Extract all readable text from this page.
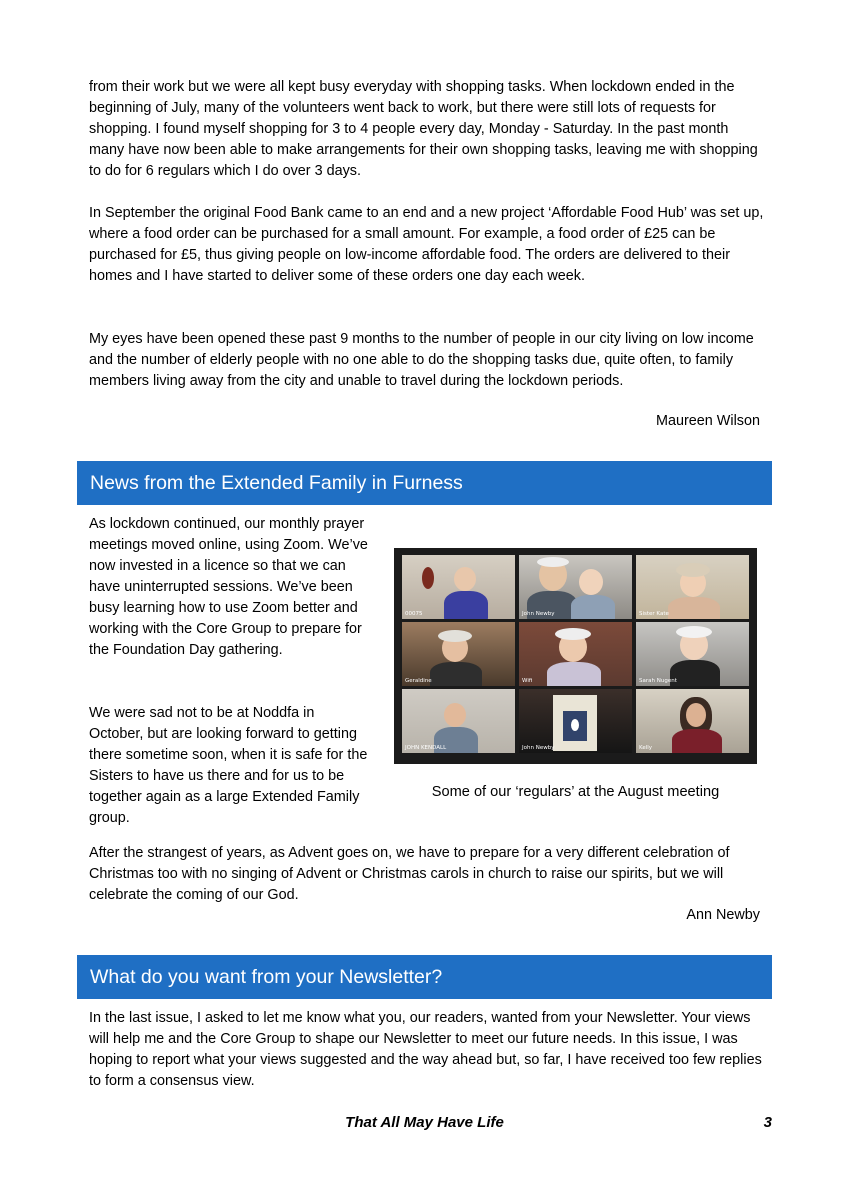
from their work but we were all kept busy everyday with shopping tasks. When lockdown ended in the beginning of July, many of the volunteers went back to work, but there were still lots of requests for shopping. I found myself shopping for 3 to 4 people every day, Monday - Saturday. In the past month many have now been able to make arrangements for their own shopping tasks, leaving me with shopping to do for 6 regulars which I do over 3 days.

In September the original Food Bank came to an end and a new project ‘Affordable Food Hub’ was set up, where a food order can be purchased for a small amount. For example, a food order of £25 can be purchased for £5, thus giving people on low-income affordable food. The orders are delivered to their homes and I have started to deliver some of these orders one day each week.

My eyes have been opened these past 9 months to the number of people in our city living on low income and the number of elderly people with no one able to do the shopping tasks due, quite often, to family members living away from the city and unable to travel during the lockdown periods.

Maureen Wilson
News from the Extended Family in Furness

As lockdown continued, our monthly prayer meetings moved online, using Zoom. We’ve now invested in a licence so that we can have uninterrupted sessions. We’ve been busy learning how to use Zoom better and working with the Core Group to prepare for the Foundation Day gathering.

We were sad not to be at Noddfa in October, but are looking forward to getting there sometime soon, when it is safe for the Sisters to have us there and for us to be together again as a large Extended Family group.

00075	John Newby	Sister Kate
Geraldine	Wifi	Sarah Nugent
JOHN KENDALL	John Newby	Kelly
Some of our ‘regulars’ at the August meeting

After the strangest of years, as Advent goes on, we have to prepare for a very different celebration of Christmas too with no singing of Advent or Christmas carols in church to raise our spirits, but we will celebrate the coming of our God.

Ann Newby
What do you want from your Newsletter?

In the last issue, I asked to let me know what you, our readers, wanted from your Newsletter. Your views will help me and the Core Group to shape our Newsletter to meet our future needs. In this issue, I was hoping to report what your views suggested and the way ahead but, so far, I have received too few replies to form a consensus view.

That All May Have Life	3
